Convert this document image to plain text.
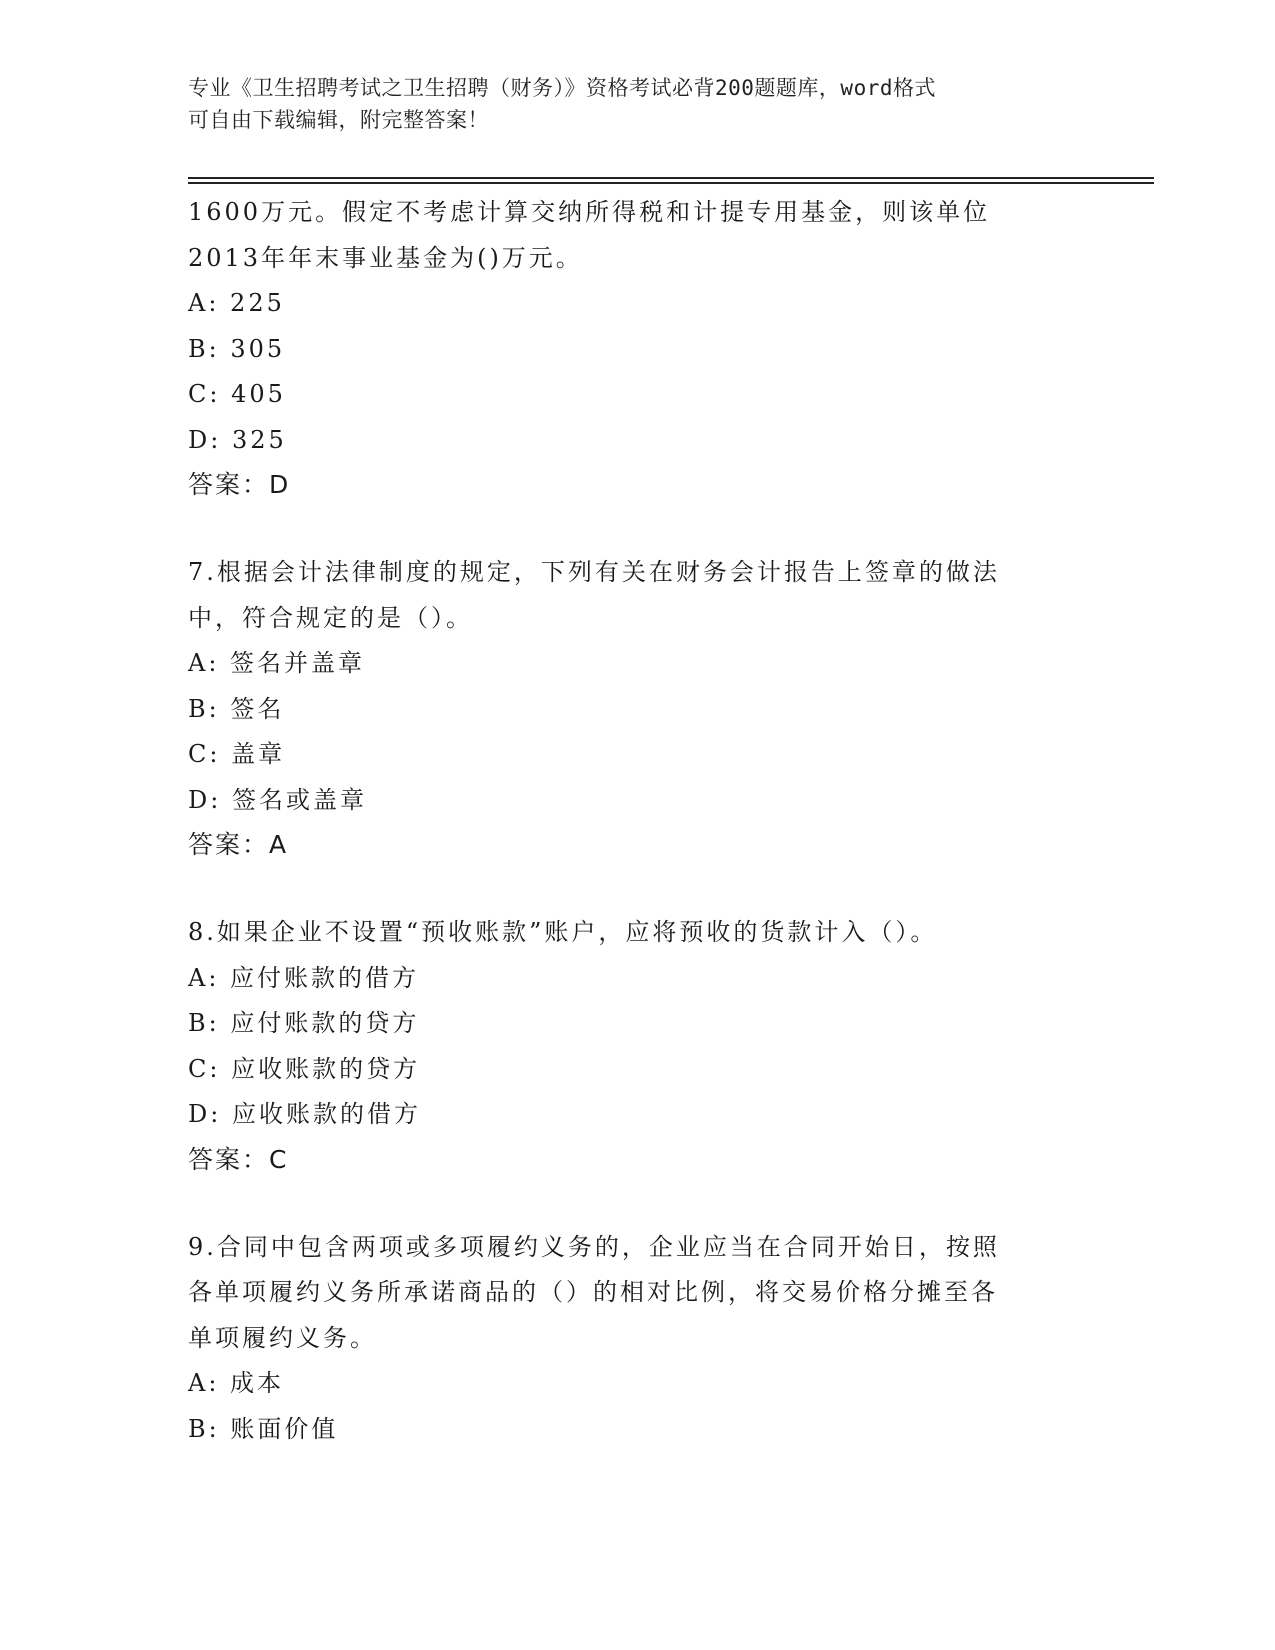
专业《卫生招聘考试之卫生招聘（财务）》资格考试必背200题题库，word格式
可自由下载编辑，附完整答案！
1600万元。假定不考虑计算交纳所得税和计提专用基金，则该单位
2013年年末事业基金为()万元。
A: 225
B: 305
C: 405
D: 325
答案：D
7.根据会计法律制度的规定，下列有关在财务会计报告上签章的做法
中，符合规定的是（）。
A: 签名并盖章
B: 签名
C: 盖章
D: 签名或盖章
答案：A
8.如果企业不设置“预收账款”账户，应将预收的货款计入（）。
A: 应付账款的借方
B: 应付账款的贷方
C: 应收账款的贷方
D: 应收账款的借方
答案：C
9.合同中包含两项或多项履约义务的，企业应当在合同开始日，按照
各单项履约义务所承诺商品的（）的相对比例，将交易价格分摊至各
单项履约义务。
A: 成本
B: 账面价值
